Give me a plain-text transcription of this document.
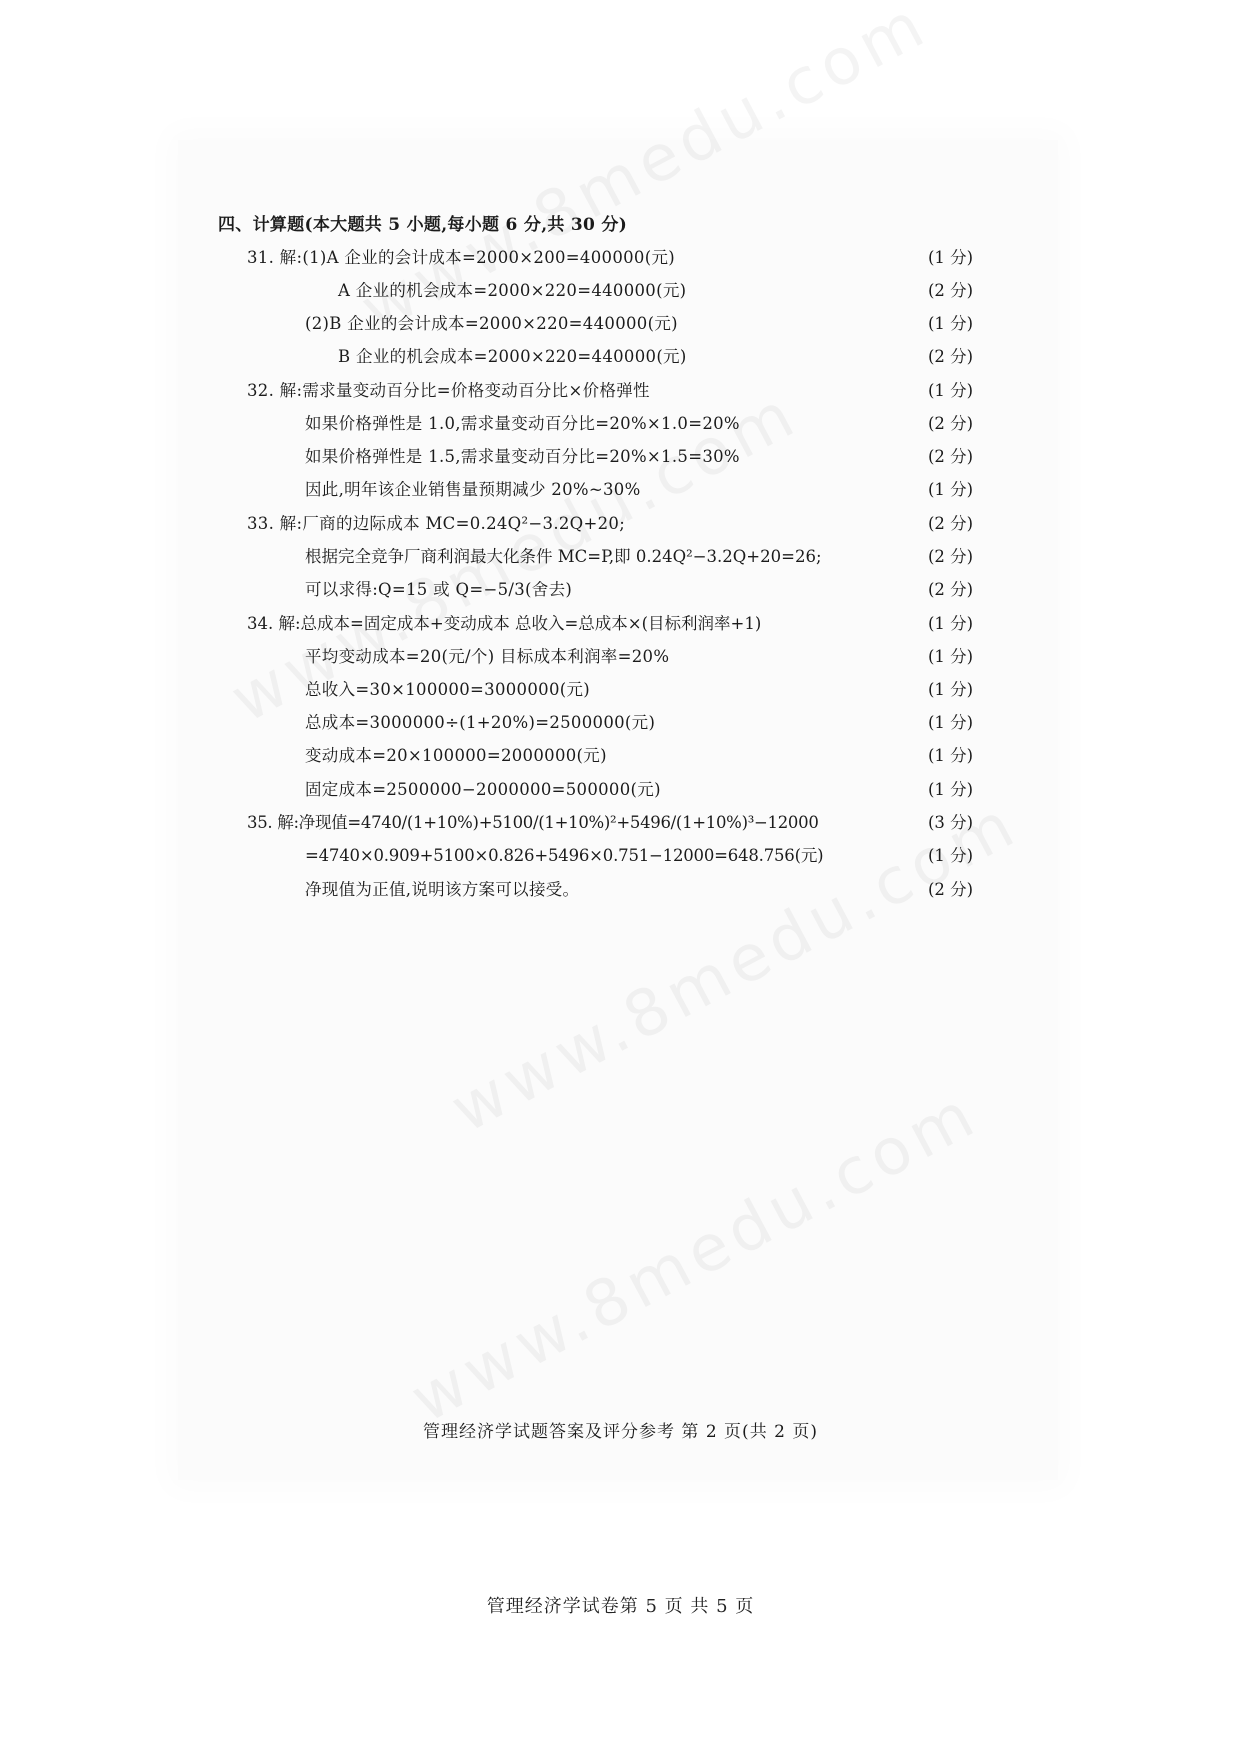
四、计算题(本大题共 5 小题,每小题 6 分,共 30 分)
31. 解:(1)A 企业的会计成本=2000×200=400000(元)	(1 分)
A 企业的机会成本=2000×220=440000(元)	(2 分)
(2)B 企业的会计成本=2000×220=440000(元)	(1 分)
B 企业的机会成本=2000×220=440000(元)	(2 分)
32. 解:需求量变动百分比=价格变动百分比×价格弹性	(1 分)
如果价格弹性是 1.0,需求量变动百分比=20%×1.0=20%	(2 分)
如果价格弹性是 1.5,需求量变动百分比=20%×1.5=30%	(2 分)
因此,明年该企业销售量预期减少 20%~30%	(1 分)
33. 解:厂商的边际成本 MC=0.24Q²−3.2Q+20;	(2 分)
根据完全竞争厂商利润最大化条件 MC=P,即 0.24Q²−3.2Q+20=26;	(2 分)
可以求得:Q=15 或 Q=−5/3(舍去)	(2 分)
34. 解:总成本=固定成本+变动成本 总收入=总成本×(目标利润率+1)	(1 分)
平均变动成本=20(元/个) 目标成本利润率=20%	(1 分)
总收入=30×100000=3000000(元)	(1 分)
总成本=3000000÷(1+20%)=2500000(元)	(1 分)
变动成本=20×100000=2000000(元)	(1 分)
固定成本=2500000−2000000=500000(元)	(1 分)
35. 解:净现值=4740/(1+10%)+5100/(1+10%)²+5496/(1+10%)³−12000	(3 分)
=4740×0.909+5100×0.826+5496×0.751−12000=648.756(元)	(1 分)
净现值为正值,说明该方案可以接受。	(2 分)
管理经济学试题答案及评分参考 第 2 页(共 2 页)
管理经济学试卷第 5 页 共 5 页
